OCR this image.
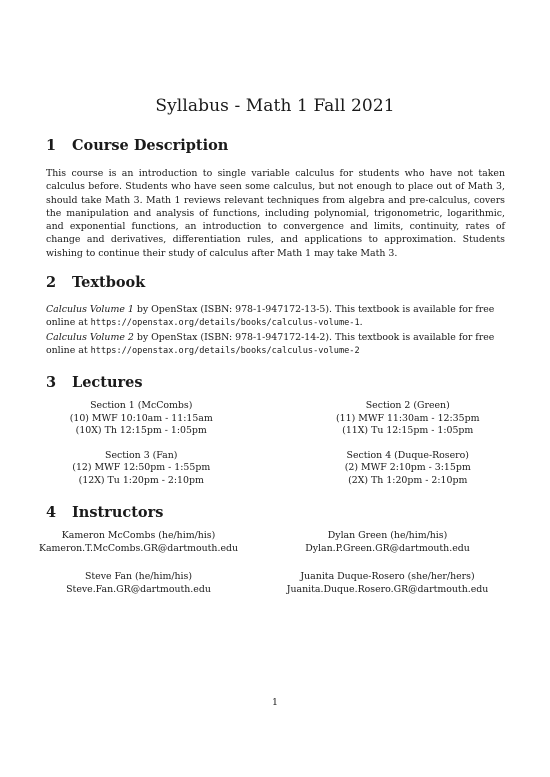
Syllabus - Math 1 Fall 2021
1 Course Description

This course is an introduction to single variable calculus for students who have not taken calculus before. Students who have seen some calculus, but not enough to place out of Math 3, should take Math 3. Math 1 reviews relevant techniques from algebra and pre-calculus, covers the manipulation and analysis of functions, including polynomial, trigonometric, logarithmic, and exponential functions, an introduction to convergence and limits, continuity, rates of change and derivatives, differentiation rules, and applications to approximation. Students wishing to continue their study of calculus after Math 1 may take Math 3.

2 Textbook

Calculus Volume 1 by OpenStax (ISBN: 978-1-947172-13-5). This textbook is available for free online at https://openstax.org/details/books/calculus-volume-1.

Calculus Volume 2 by OpenStax (ISBN: 978-1-947172-14-2). This textbook is available for free online at https://openstax.org/details/books/calculus-volume-2

3 Lectures
Section 1 (McCombs)
(10) MWF 10:10am - 11:15am
(10X) Th 12:15pm - 1:05pm
Section 2 (Green)
(11) MWF 11:30am - 12:35pm
(11X) Tu 12:15pm - 1:05pm
Section 3 (Fan)
(12) MWF 12:50pm - 1:55pm
(12X) Tu 1:20pm - 2:10pm
Section 4 (Duque-Rosero)
(2) MWF 2:10pm - 3:15pm
(2X) Th 1:20pm - 2:10pm
4 Instructors
Kameron McCombs (he/him/his)
Kameron.T.McCombs.GR@dartmouth.edu
Dylan Green (he/him/his)
Dylan.P.Green.GR@dartmouth.edu
Steve Fan (he/him/his)
Steve.Fan.GR@dartmouth.edu
Juanita Duque-Rosero (she/her/hers)
Juanita.Duque.Rosero.GR@dartmouth.edu
1
